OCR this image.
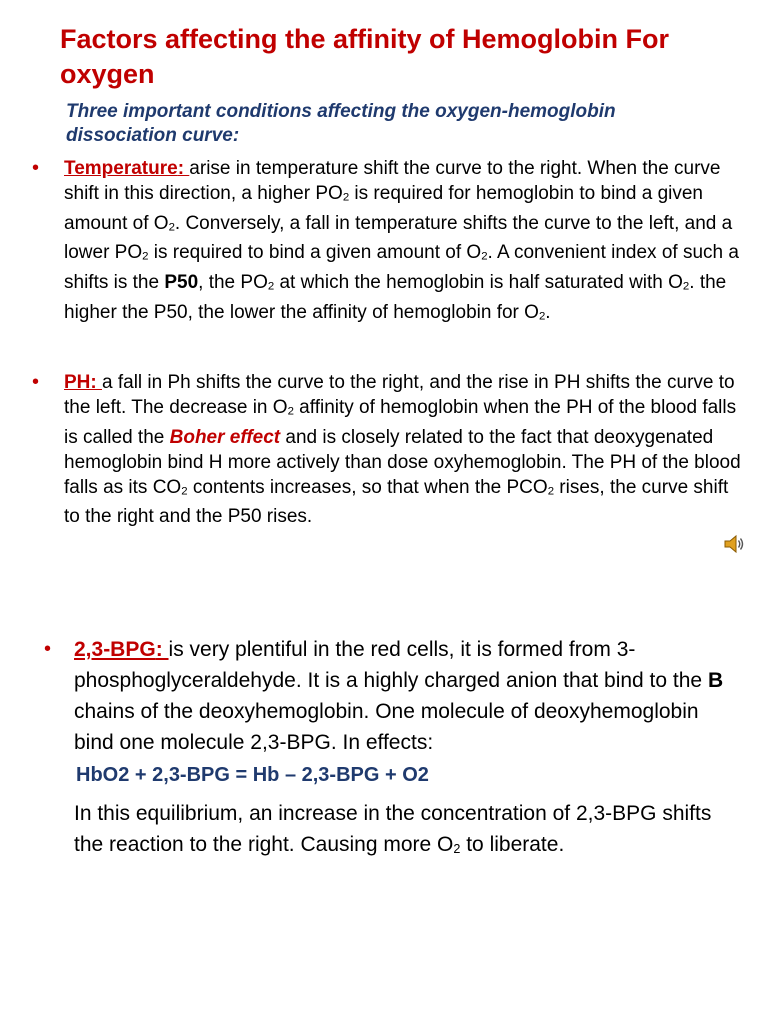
Factors affecting the affinity of Hemoglobin For oxygen
Three important conditions affecting the oxygen-hemoglobin dissociation curve:
• Temperature: arise in temperature shift the curve to the right. When the curve shift in this direction, a higher $PO_2$ is required for hemoglobin to bind a given amount of $O_2$. Conversely, a fall in temperature shifts the curve to the left, and a lower $PO_2$ is required to bind a given amount of $O_2$. A convenient index of such a shifts is the P50, the $PO_2$ at which the hemoglobin is half saturated with $O_2$. the higher the P50, the lower the affinity of hemoglobin for $O_2$.
• PH: a fall in Ph shifts the curve to the right, and the rise in PH shifts the curve to the left. The decrease in $O_2$ affinity of hemoglobin when the PH of the blood falls is called the Boher effect and is closely related to the fact that deoxygenated hemoglobin bind H more actively than dose oxyhemoglobin. The PH of the blood falls as its $CO_2$ contents increases, so that when the $PCO_2$ rises, the curve shift to the right and the P50 rises.
• 2,3-BPG: is very plentiful in the red cells, it is formed from 3-phosphoglyceraldehyde. It is a highly charged anion that bind to the B chains of the deoxyhemoglobin. One molecule of deoxyhemoglobin bind one molecule 2,3-BPG. In effects:
HbO2 + 2,3-BPG = Hb – 2,3-BPG + O2
In this equilibrium, an increase in the concentration of 2,3-BPG shifts the reaction to the right. Causing more $O_2$ to liberate.
